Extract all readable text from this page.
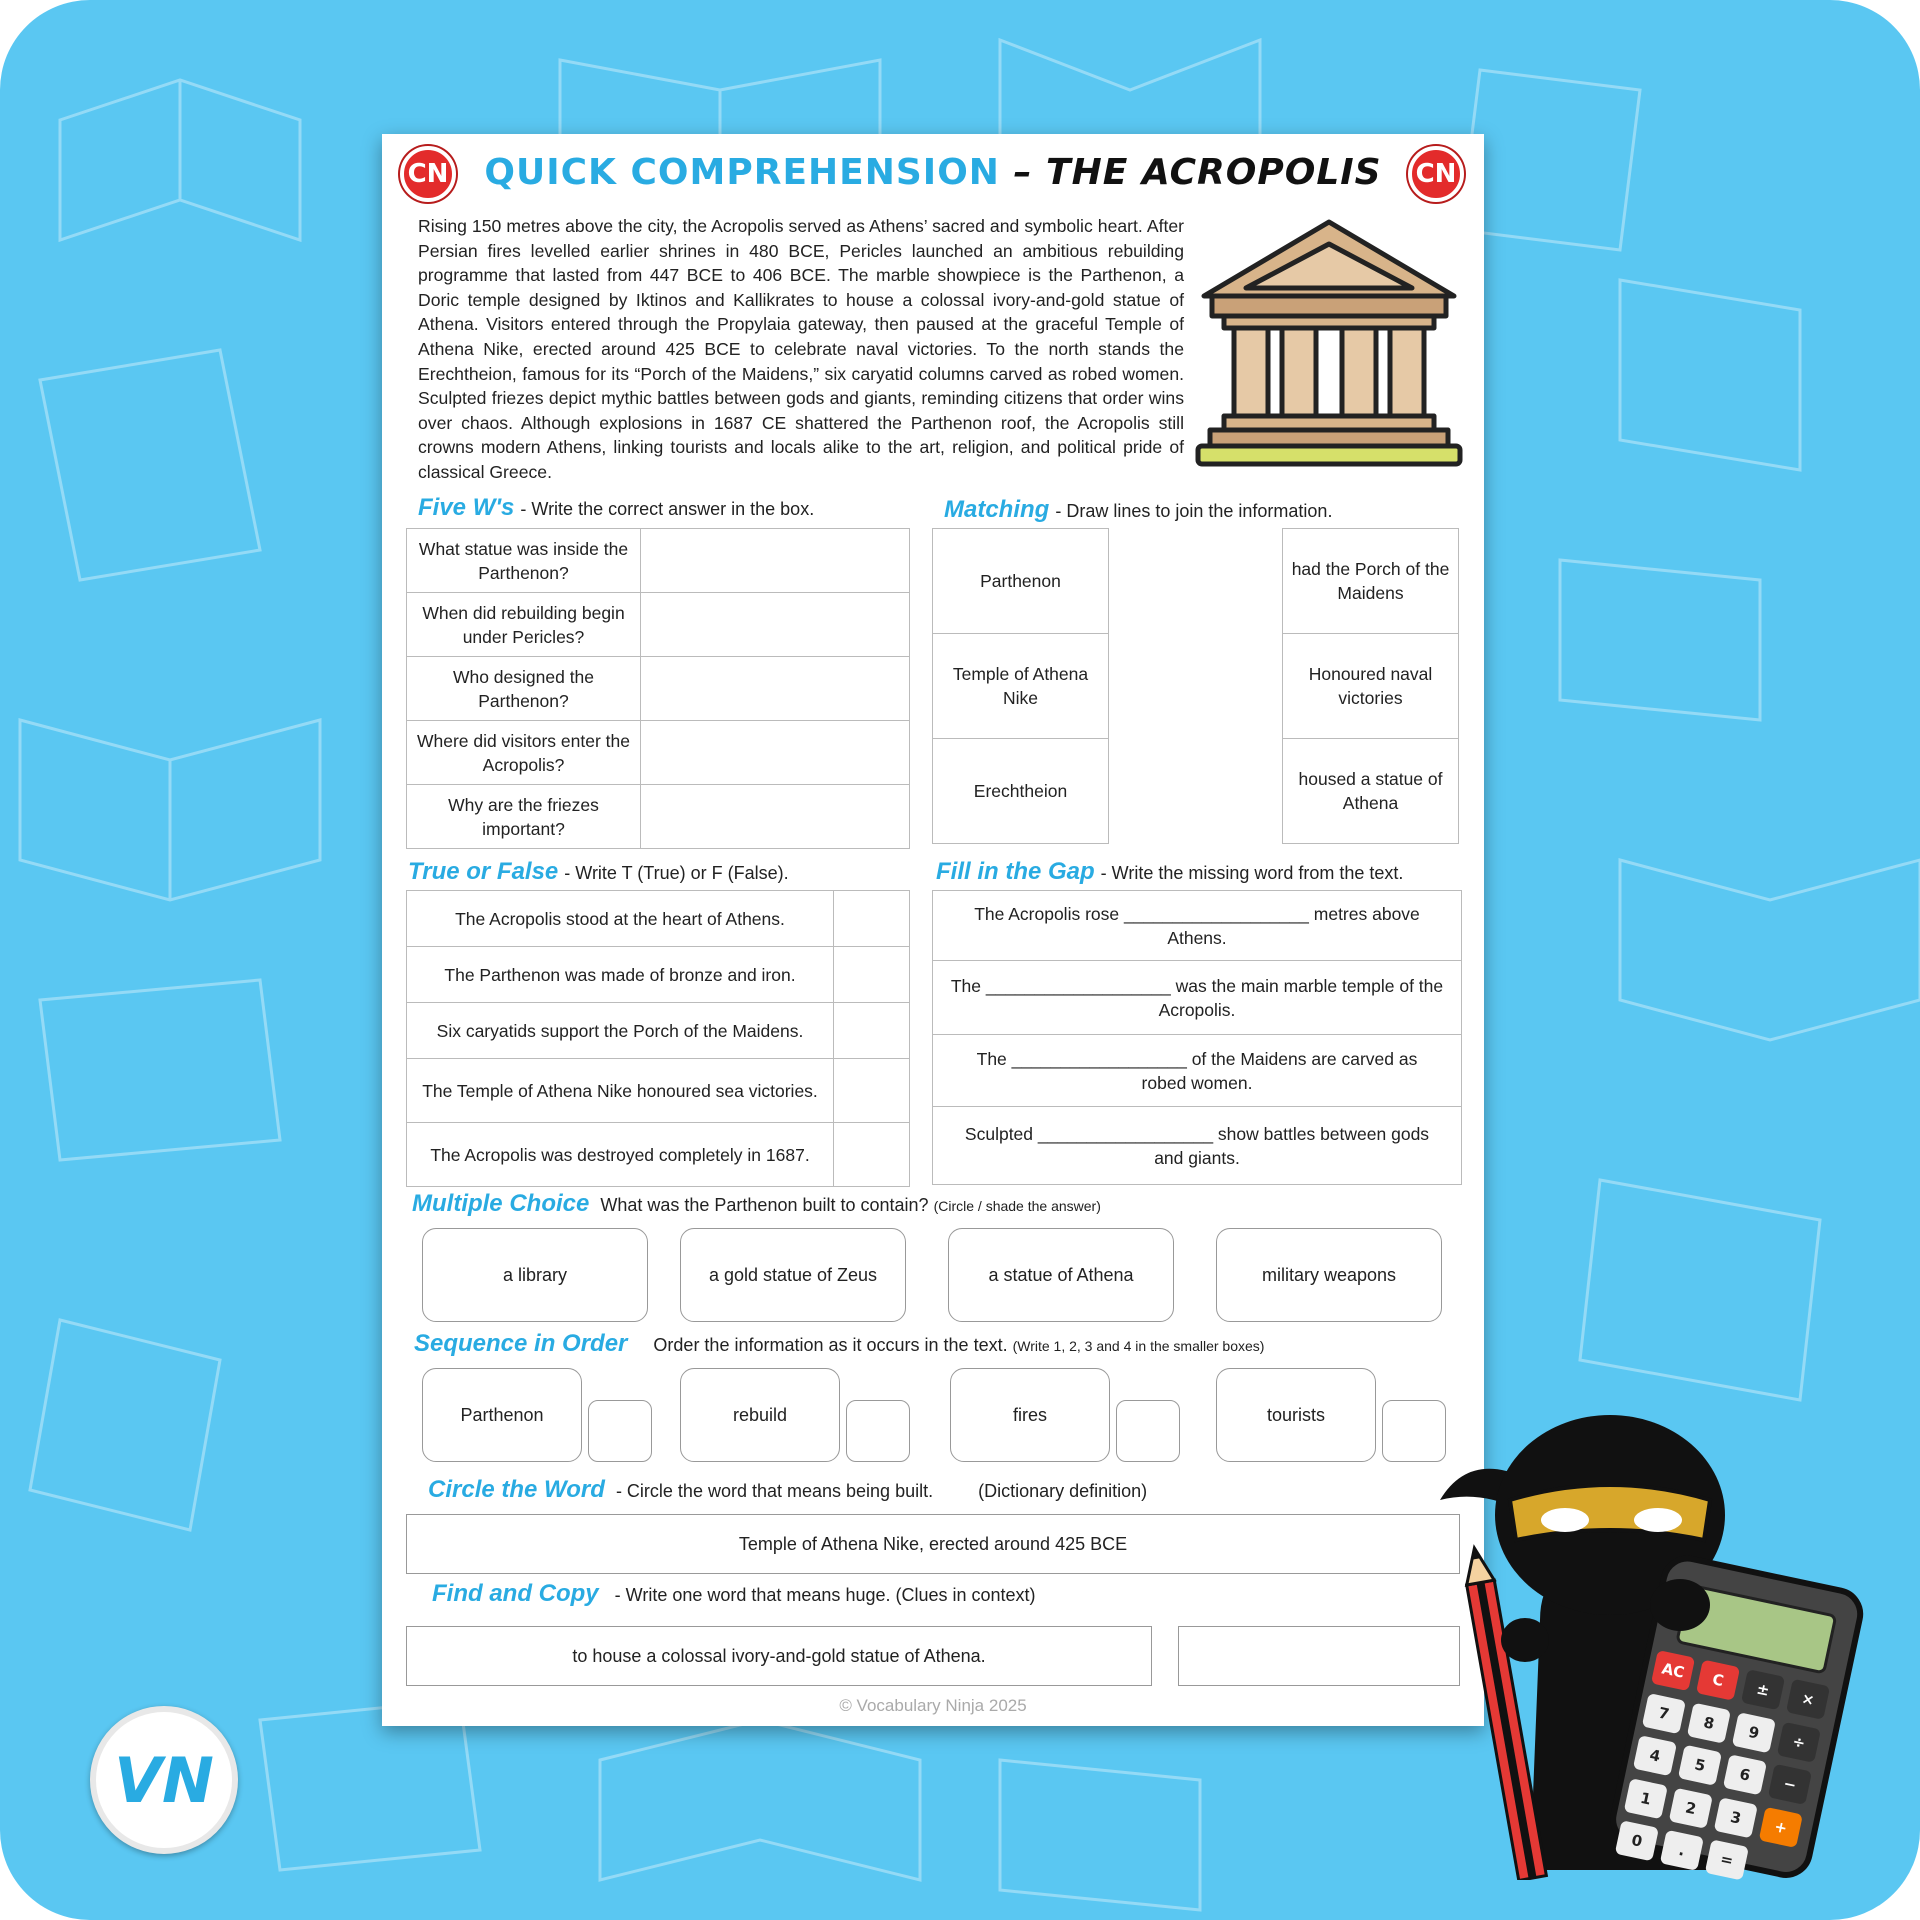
CN	CN
QUICK COMPREHENSION – THE ACROPOLIS
Rising 150 metres above the city, the Acropolis served as Athens’ sacred and symbolic heart. After Persian fires levelled earlier shrines in 480 BCE, Pericles launched an ambitious rebuilding programme that lasted from 447 BCE to 406 BCE. The marble showpiece is the Parthenon, a Doric temple designed by Iktinos and Kallikrates to house a colossal ivory-and-gold statue of Athena. Visitors entered through the Propylaia gateway, then paused at the graceful Temple of Athena Nike, erected around 425 BCE to celebrate naval victories. To the north stands the Erechtheion, famous for its “Porch of the Maidens,” six caryatid columns carved as robed women. Sculpted friezes depict mythic battles between gods and giants, reminding citizens that order wins over chaos. Although explosions in 1687 CE shattered the Parthenon roof, the Acropolis still crowns modern Athens, linking tourists and locals alike to the art, religion, and political pride of classical Greece.
Five W's - Write the correct answer in the box.
What statue was inside the Parthenon?	
When did rebuilding begin under Pericles?	
Who designed the Parthenon?	
Where did visitors enter the Acropolis?	
Why are the friezes important?	
Matching - Draw lines to join the information.
Parthenon
Temple of Athena Nike
Erechtheion
had the Porch of the Maidens
Honoured naval victories
housed a statue of Athena
True or False - Write T (True) or F (False).
The Acropolis stood at the heart of Athens.	
The Parthenon was made of bronze and iron.	
Six caryatids support the Porch of the Maidens.	
The Temple of Athena Nike honoured sea victories.	
The Acropolis was destroyed completely in 1687.	
Fill in the Gap - Write the missing word from the text.
The Acropolis rose ___________________ metres above Athens.
The ___________________ was the main marble temple of the Acropolis.
The __________________ of the Maidens are carved as robed women.
Sculpted __________________ show battles between gods and giants.
Multiple Choice What was the Parthenon built to contain? (Circle / shade the answer)
a library	a gold statue of Zeus	a statue of Athena	military weapons
Sequence in Order Order the information as it occurs in the text. (Write 1, 2, 3 and 4 in the smaller boxes)
Parthenon	rebuild	fires	tourists
Circle the Word - Circle the word that means being built.	(Dictionary definition)
Temple of Athena Nike, erected around 425 BCE
Find and Copy - Write one word that means huge. (Clues in context)
to house a colossal ivory-and-gold statue of Athena.
© Vocabulary Ninja 2025
VN
AC	C	±	×
7	8	9	÷
4	5	6	−
1	2	3	+
0	.	=
